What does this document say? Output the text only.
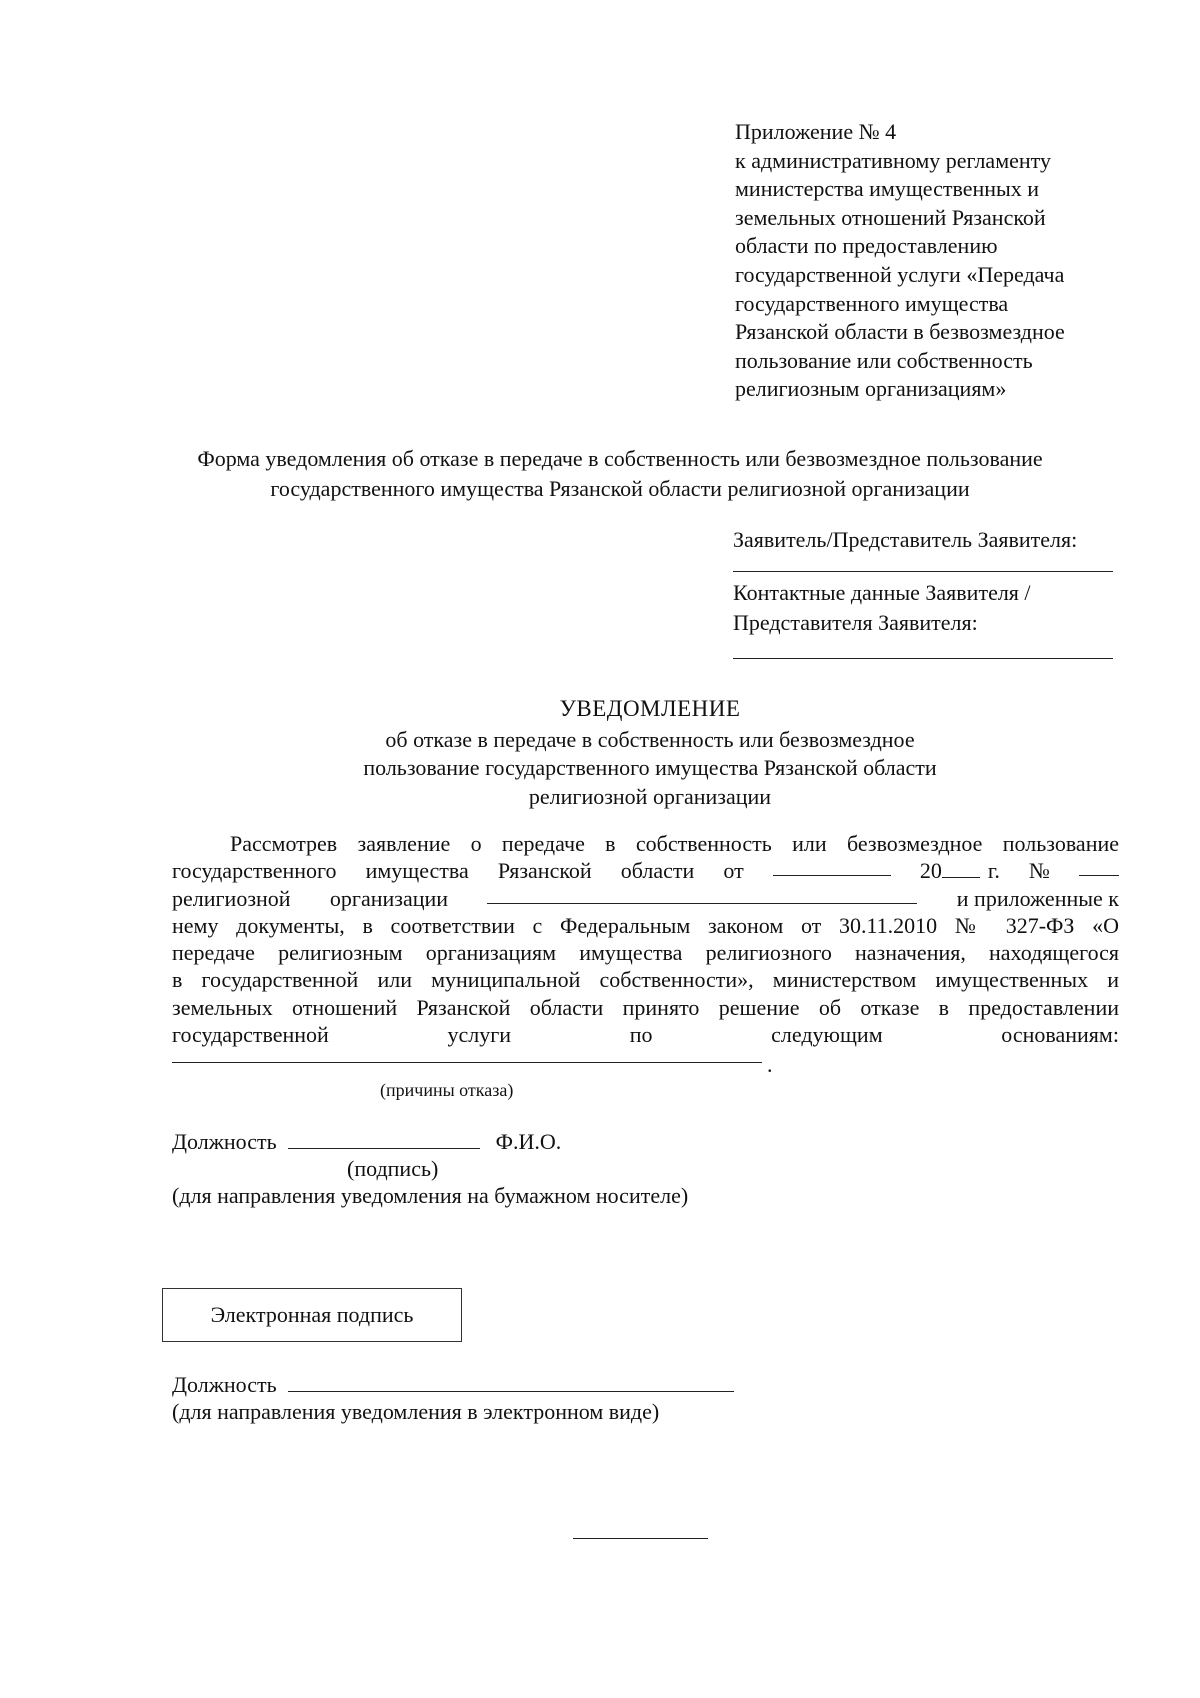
Приложение № 4
к административному регламенту
министерства имущественных и
земельных отношений Рязанской
области по предоставлению
государственной услуги «Передача
государственного имущества
Рязанской области в безвозмездное
пользование или собственность
религиозным организациям»
Форма уведомления об отказе в передаче в собственность или безвозмездное пользование
государственного имущества Рязанской области религиозной организации
Заявитель/Представитель Заявителя:
Контактные данные Заявителя /
Представителя Заявителя:
УВЕДОМЛЕНИЕ
об отказе в передаче в собственность или безвозмездное
пользование государственного имущества Рязанской области
религиозной организации
Рассмотрев заявление о передаче в собственность или безвозмездное пользование
государственного имущества Рязанской области от	20 г. №
религиозной организации	и приложенные к
нему документы, в соответствии с Федеральным законом от 30.11.2010 № 327-ФЗ «О
передаче религиозным организациям имущества религиозного назначения, находящегося
в государственной или муниципальной собственности», министерством имущественных и
земельных отношений Рязанской области принято решение об отказе в предоставлении
государственной	услуги	по	следующим	основаниям:
.
(причины отказа)
Должность	Ф.И.О.
(подпись)
(для направления уведомления на бумажном носителе)
Электронная подпись
Должность
(для направления уведомления в электронном виде)
